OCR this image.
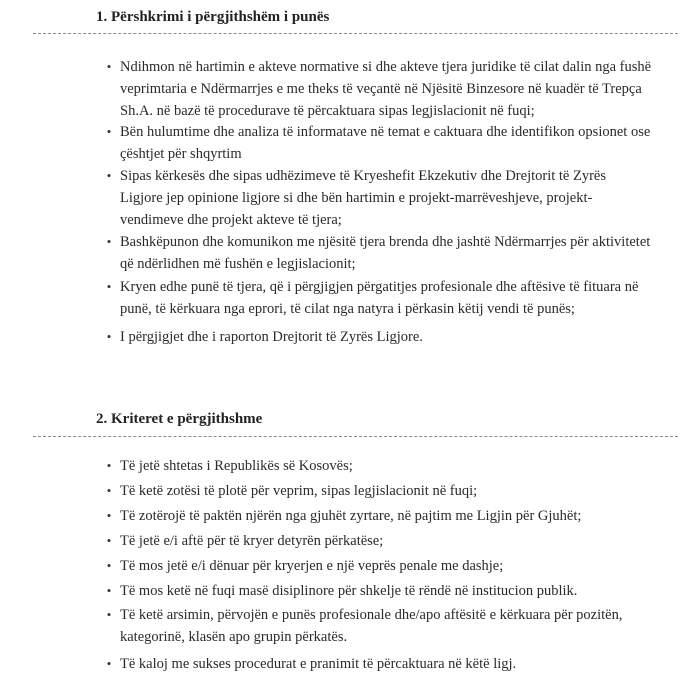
1. Përshkrimi i përgjithshëm i punës
• Ndihmon në hartimin e akteve normative si dhe akteve tjera juridike të cilat dalin nga fushë veprimtaria e Ndërmarrjes e me theks të veçantë në Njësitë Binzesore në kuadër të Trepça Sh.A. në bazë të procedurave të përcaktuara sipas legjislacionit në fuqi;
• Bën hulumtime dhe analiza të informatave në temat e caktuara dhe identifikon opsionet ose çështjet për shqyrtim
• Sipas kërkesës dhe sipas udhëzimeve të Kryeshefit Ekzekutiv dhe Drejtorit të Zyrës Ligjore jep opinione ligjore si dhe bën hartimin e projekt-marrëveshjeve, projekt-vendimeve dhe projekt akteve të tjera;
• Bashkëpunon dhe komunikon me njësitë tjera brenda dhe jashtë Ndërmarrjes për aktivitetet që ndërlidhen më fushën e legjislacionit;
• Kryen edhe punë të tjera, që i përgjigjen përgatitjes profesionale dhe aftësive të fituara në punë, të kërkuara nga eprori, të cilat nga natyra i përkasin këtij vendi të punës;
• I përgjigjet dhe i raporton Drejtorit të Zyrës Ligjore.
2. Kriteret e përgjithshme
• Të jetë shtetas i Republikës së Kosovës;
• Të ketë zotësi të plotë për veprim, sipas legjislacionit në fuqi;
• Të zotërojë të paktën njërën nga gjuhët zyrtare, në pajtim me Ligjin për Gjuhët;
• Të jetë e/i aftë për të kryer detyrën përkatëse;
• Të mos jetë e/i dënuar për kryerjen e një veprës penale me dashje;
• Të mos ketë në fuqi masë disiplinore për shkelje të rëndë në institucion publik.
• Të ketë arsimin, përvojën e punës profesionale dhe/apo aftësitë e kërkuara për pozitën, kategorinë, klasën apo grupin përkatës.
• Të kaloj me sukses procedurat e pranimit të përcaktuara në këtë ligj.
